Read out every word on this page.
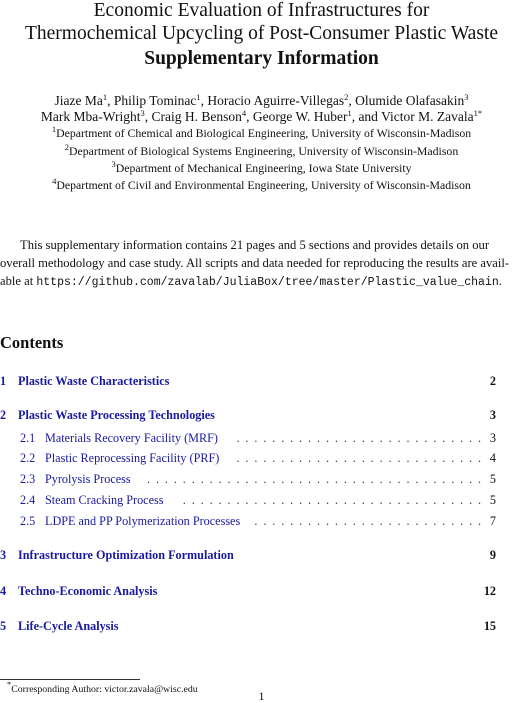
Economic Evaluation of Infrastructures for
Thermochemical Upcycling of Post-Consumer Plastic Waste
Supplementary Information
Jiaze Ma$^1$, Philip Tominac$^1$, Horacio Aguirre-Villegas$^2$, Olumide Olafasakin$^3$
Mark Mba-Wright$^3$, Craig H. Benson$^4$, George W. Huber$^1$, and Victor M. Zavala$^{1*}$
$^1$Department of Chemical and Biological Engineering, University of Wisconsin-Madison
$^2$Department of Biological Systems Engineering, University of Wisconsin-Madison
$^3$Department of Mechanical Engineering, Iowa State University
$^4$Department of Civil and Environmental Engineering, University of Wisconsin-Madison
This supplementary information contains 21 pages and 5 sections and provides details on our
overall methodology and case study. All scripts and data needed for reproducing the results are avail-
able at https://github.com/zavalab/JuliaBox/tree/master/Plastic_value_chain.
Contents
1 Plastic Waste Characteristics	2
2 Plastic Waste Processing Technologies	3
2.1 Materials Recovery Facility (MRF)	............................ 3
2.2 Plastic Reprocessing Facility (PRF)	............................ 4
2.3 Pyrolysis Process	...................................... 5
2.4 Steam Cracking Process	.................................. 5
2.5 LDPE and PP Polymerization Processes	.......................... 7
3 Infrastructure Optimization Formulation	9
4 Techno-Economic Analysis	12
5 Life-Cycle Analysis	15
*Corresponding Author: victor.zavala@wisc.edu	1
